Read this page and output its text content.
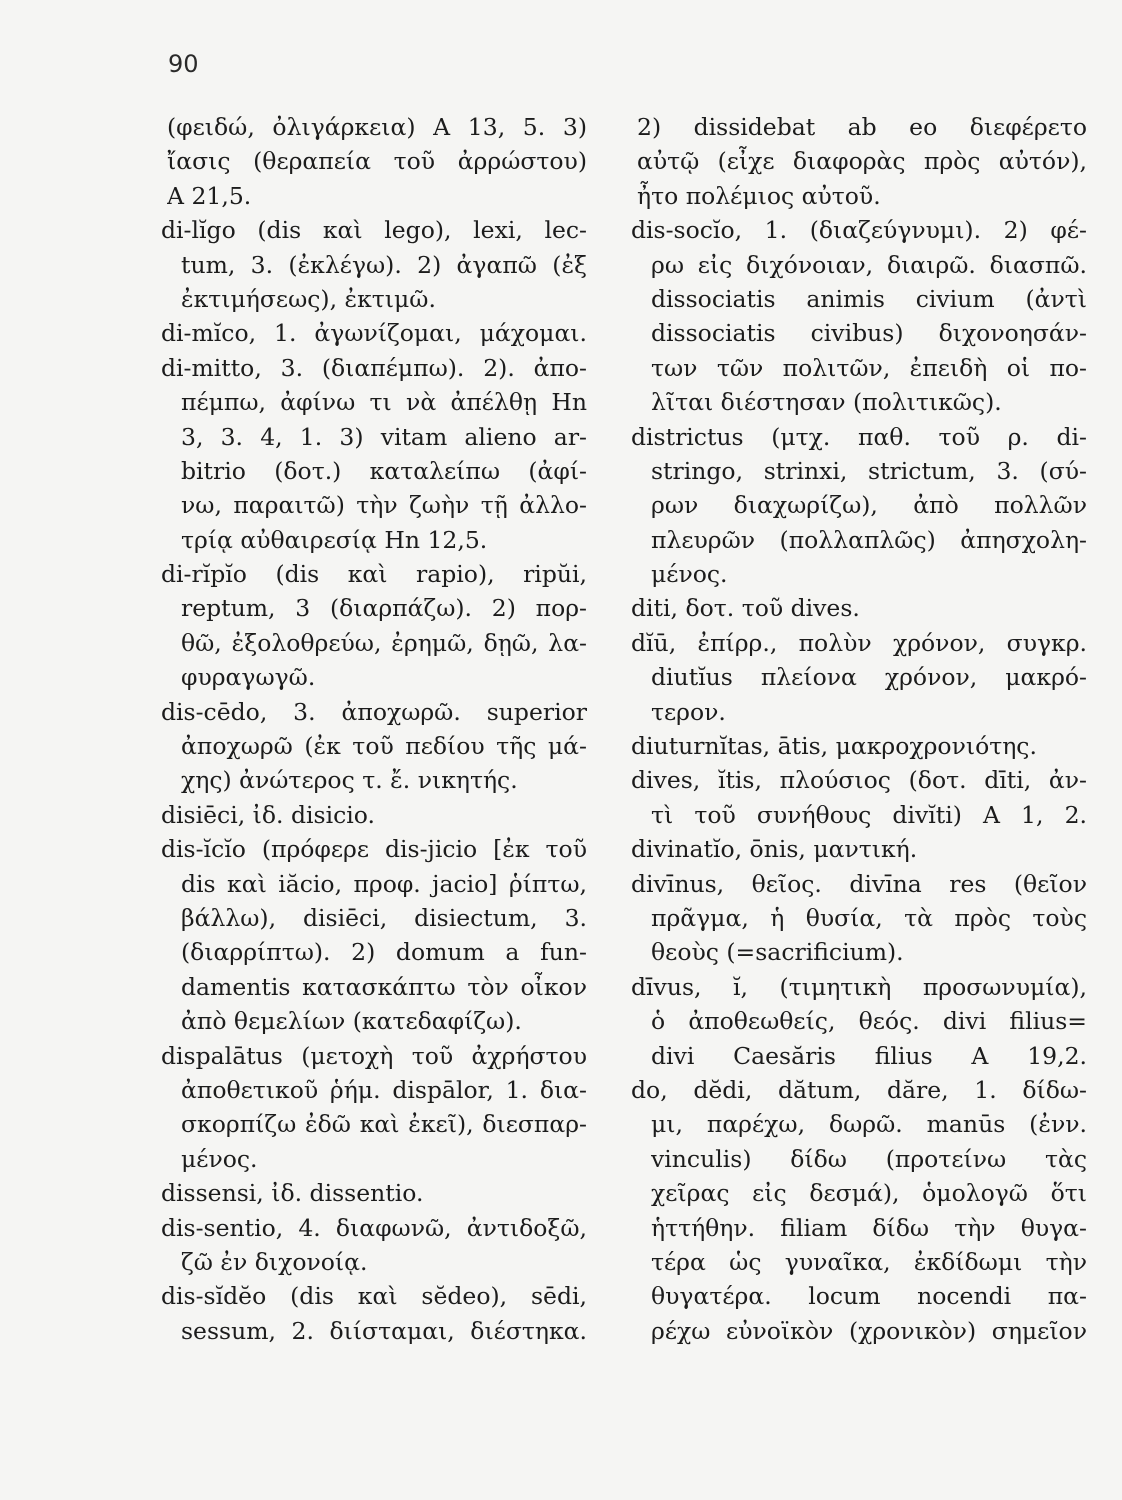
90
(φειδώ, ὀλιγάρκεια) Α 13, 5. 3)
ἴασις (θεραπεία τοῦ ἀρρώστου)
Α 21,5.
di-lĭgo (dis καὶ lego), lexi, lec-
tum, 3. (ἐκλέγω). 2) ἀγαπῶ (ἐξ
ἐκτιμήσεως), ἐκτιμῶ.
di-mĭco, 1. ἀγωνίζομαι, μάχομαι.
di-mitto, 3. (διαπέμπω). 2). ἀπο-
πέμπω, ἀφίνω τι νὰ ἀπέλθῃ Hn
3, 3. 4, 1. 3) vitam alieno ar-
bitrio (δοτ.) καταλείπω (ἀφί-
νω, παραιτῶ) τὴν ζωὴν τῇ ἀλλο-
τρίᾳ αὐθαιρεσίᾳ Hn 12,5.
di-rĭpĭo (dis καὶ rapio), ripŭi,
reptum, 3 (διαρπάζω). 2) πορ-
θῶ, ἐξολοθρεύω, ἐρημῶ, δῃῶ, λα-
φυραγωγῶ.
dis-cēdo, 3. ἀποχωρῶ. superior
ἀποχωρῶ (ἐκ τοῦ πεδίου τῆς μά-
χης) ἀνώτερος τ. ἔ. νικητής.
disiēci, ἰδ. disicio.
dis-ĭcĭo (πρόφερε dis-jicio [ἐκ τοῦ
dis καὶ iăcio, προφ. jacio] ῥίπτω,
βάλλω), disiēci, disiectum, 3.
(διαρρίπτω). 2) domum a fun-
damentis κατασκάπτω τὸν οἶκον
ἀπὸ θεμελίων (κατεδαφίζω).
dispalātus (μετοχὴ τοῦ ἀχρήστου
ἀποθετικοῦ ῥήμ. dispālor, 1. δια-
σκορπίζω ἐδῶ καὶ ἐκεῖ), διεσπαρ-
μένος.
dissensi, ἰδ. dissentio.
dis-sentio, 4. διαφωνῶ, ἀντιδοξῶ,
ζῶ ἐν διχονοίᾳ.
dis-sĭdĕo (dis καὶ sĕdeo), sēdi,
sessum, 2. διίσταμαι, διέστηκα.
2) dissidebat ab eo διεφέρετο
αὐτῷ (εἶχε διαφορὰς πρὸς αὐτόν),
ἦτο πολέμιος αὐτοῦ.
dis-socĭo, 1. (διαζεύγνυμι). 2) φέ-
ρω εἰς διχόνοιαν, διαιρῶ. διασπῶ.
dissociatis animis civium (ἀντὶ
dissociatis civibus) διχονοησάν-
των τῶν πολιτῶν, ἐπειδὴ οἱ πο-
λῖται διέστησαν (πολιτικῶς).
districtus (μτχ. παθ. τοῦ ρ. di-
stringo, strinxi, strictum, 3. (σύ-
ρων διαχωρίζω), ἀπὸ πολλῶν
πλευρῶν (πολλαπλῶς) ἀπησχολη-
μένος.
diti, δοτ. τοῦ dives.
dĭū, ἐπίρρ., πολὺν χρόνον, συγκρ.
diutĭus πλείονα χρόνον, μακρό-
τερον.
diuturnĭtas, ātis, μακροχρονιότης.
dives, ĭtis, πλούσιος (δοτ. dīti, ἀν-
τὶ τοῦ συνήθους divĭti) Α 1, 2.
divinatĭo, ōnis, μαντική.
divīnus, θεῖος. divīna res (θεῖον
πρᾶγμα, ἡ θυσία, τὰ πρὸς τοὺς
θεοὺς (=sacrificium).
dīvus, ĭ, (τιμητικὴ προσωνυμία),
ὁ ἀποθεωθείς, θεός. divi filius=
divi Caesăris filius Α 19,2.
do, dĕdi, dătum, dăre, 1. δίδω-
μι, παρέχω, δωρῶ. manūs (ἐνν.
vinculis) δίδω (προτείνω τὰς
χεῖρας εἰς δεσμά), ὁμολογῶ ὅτι
ἡττήθην. filiam δίδω τὴν θυγα-
τέρα ὡς γυναῖκα, ἐκδίδωμι τὴν
θυγατέρα. locum nocendi πα-
ρέχω εὐνοϊκὸν (χρονικὸν) σημεῖον
